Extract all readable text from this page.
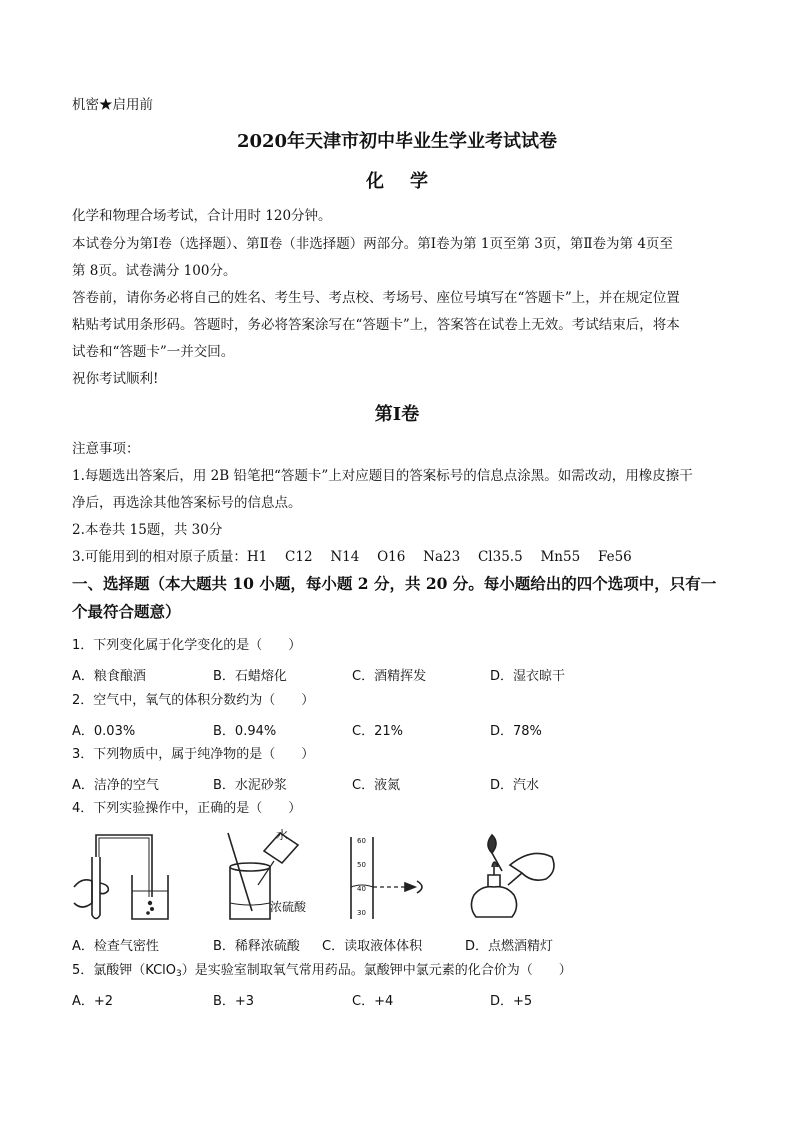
机密★启用前
2020年天津市初中毕业生学业考试试卷
化学
化学和物理合场考试，合计用时 120分钟。
本试卷分为第Ⅰ卷（选择题）、第Ⅱ卷（非选择题）两部分。第Ⅰ卷为第 1页至第 3页，第Ⅱ卷为第 4页至
第 8页。试卷满分 100分。
答卷前，请你务必将自己的姓名、考生号、考点校、考场号、座位号填写在“答题卡”上，并在规定位置
粘贴考试用条形码。答题时，务必将答案涂写在“答题卡”上，答案答在试卷上无效。考试结束后，将本
试卷和“答题卡”一并交回。
祝你考试顺利!
第Ⅰ卷
注意事项：
1.每题选出答案后，用 2B 铅笔把“答题卡”上对应题目的答案标号的信息点涂黑。如需改动，用橡皮擦干
净后，再选涂其他答案标号的信息点。
2.本卷共 15题，共 30分
3.可能用到的相对原子质量：H1　 C12　 N14　 O16　 Na23　 Cl35.5　 Mn55　 Fe56
一、选择题（本大题共 10 小题，每小题 2 分，共 20 分。每小题给出的四个选项中，只有一个最符合题意）
1．下列变化属于化学变化的是（　　）
A．粮食酿酒	B．石蜡熔化	C．酒精挥发	D．湿衣晾干
2．空气中，氧气的体积分数约为（　　）
A．0.03%	B．0.94%	C．21%	D．78%
3．下列物质中，属于纯净物的是（　　）
A．洁净的空气	B．水泥砂浆	C．液氮	D．汽水
4．下列实验操作中，正确的是（　　）
水
浓硫酸
60
50
40
30
A．检查气密性	B．稀释浓硫酸 C．读取液体体积	D．点燃酒精灯
5．氯酸钾（KClO$_3$）是实验室制取氧气常用药品。氯酸钾中氯元素的化合价为（　　）
A．+2	B．+3	C．+4	D．+5
